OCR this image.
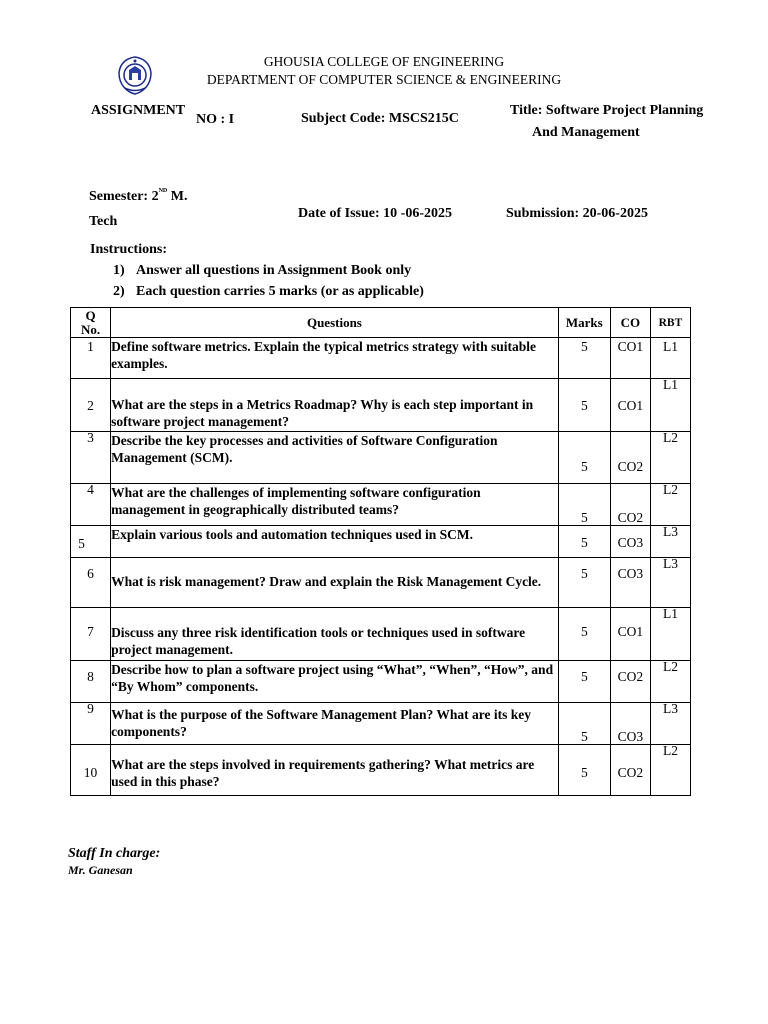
GHOUSIA COLLEGE OF ENGINEERING
DEPARTMENT OF COMPUTER SCIENCE & ENGINEERING
ASSIGNMENT
NO : I	Subject Code: MSCS215C
Title: Software Project Planning
And Management
Semester: 2ND M.
Tech
Date of Issue: 10 -06-2025	Submission: 20-06-2025
Instructions:
1) Answer all questions in Assignment Book only
2) Each question carries 5 marks (or as applicable)
Q
No.	Questions	Marks	CO	RBT

1	Define software metrics. Explain the typical metrics strategy with suitable examples.	5	CO1	L1

2	What are the steps in a Metrics Roadmap? Why is each step important in software project management?	5	CO1	L1

3	Describe the key processes and activities of Software Configuration Management (SCM).	5	CO2	L2

4	What are the challenges of implementing software configuration management in geographically distributed teams?	5	CO2	L2

5	Explain various tools and automation techniques used in SCM.	5	CO3	L3

6	What is risk management? Draw and explain the Risk Management Cycle.	5	CO3	L3

7	Discuss any three risk identification tools or techniques used in software project management.	5	CO1	L1

8	Describe how to plan a software project using “What”, “When”, “How”, and “By Whom” components.	5	CO2	L2

9	What is the purpose of the Software Management Plan? What are its key components?	5	CO3	L3

10	What are the steps involved in requirements gathering? What metrics are used in this phase?	5	CO2	L2
Staff In charge:
Mr. Ganesan
